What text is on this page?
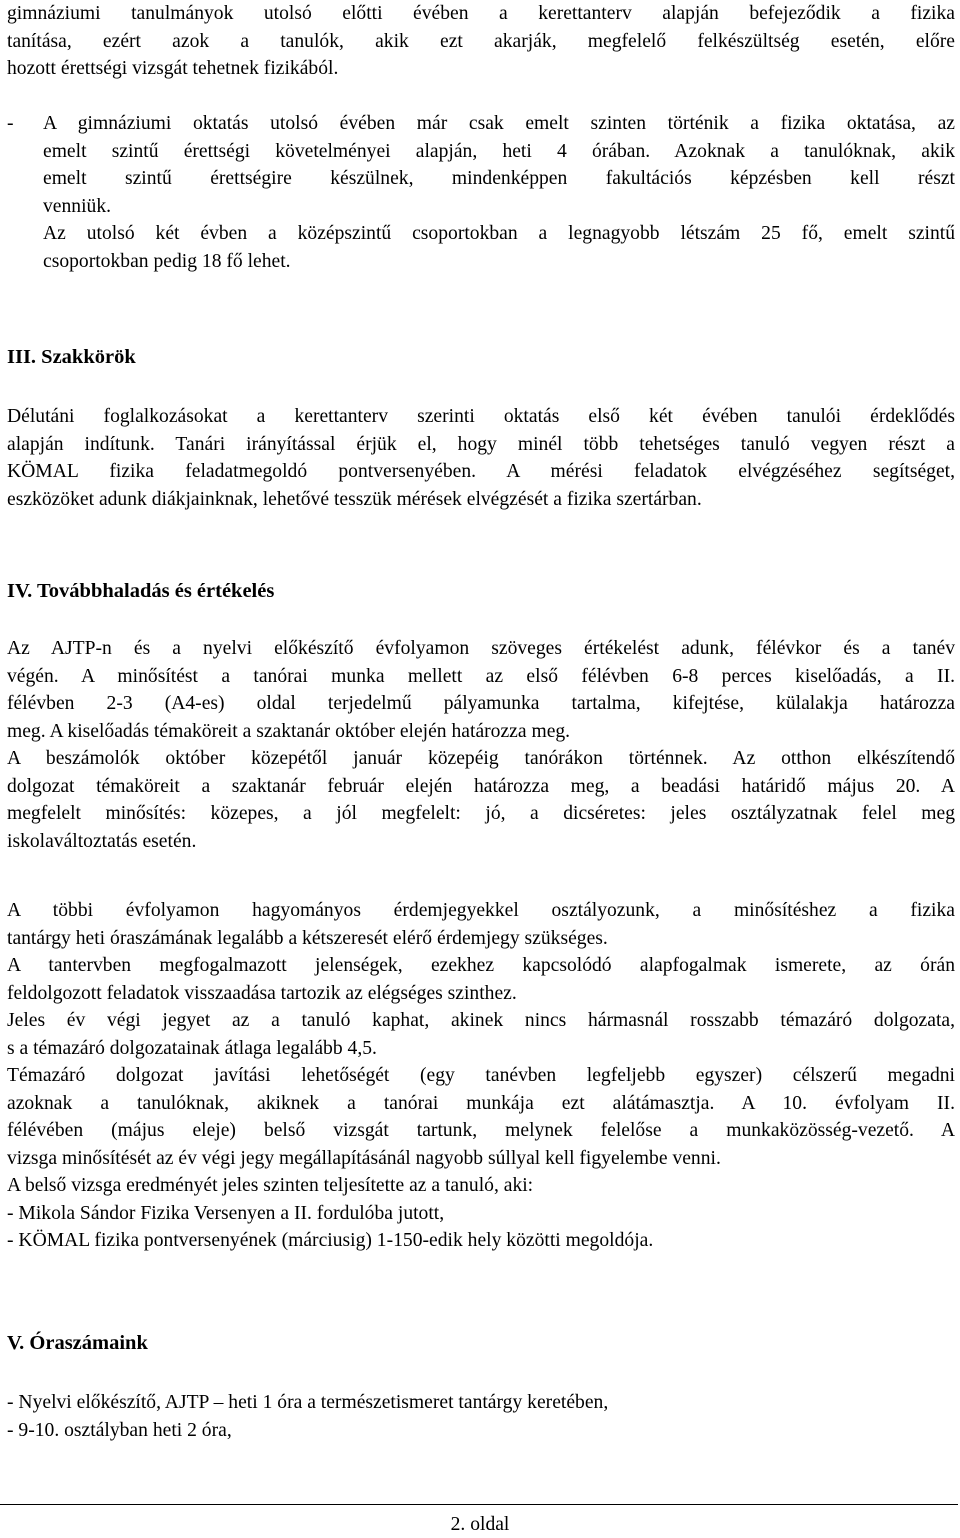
gimnáziumi tanulmányok utolsó előtti évében a kerettanterv alapján befejeződik a fizika
tanítása, ezért azok a tanulók, akik ezt akarják, megfelelő felkészültség esetén, előre
hozott érettségi vizsgát tehetnek fizikából.
- A gimnáziumi oktatás utolsó évében már csak emelt szinten történik a fizika oktatása, az
emelt szintű érettségi követelményei alapján, heti 4 órában. Azoknak a tanulóknak, akik
emelt szintű érettségire készülnek, mindenképpen fakultációs képzésben kell részt
venniük.
Az utolsó két évben a középszintű csoportokban a legnagyobb létszám 25 fő, emelt szintű
csoportokban pedig 18 fő lehet.
III. Szakkörök
Délutáni foglalkozásokat a kerettanterv szerinti oktatás első két évében tanulói érdeklődés
alapján indítunk. Tanári irányítással érjük el, hogy minél több tehetséges tanuló vegyen részt a
KÖMAL fizika feladatmegoldó pontversenyében. A mérési feladatok elvégzéséhez segítséget,
eszközöket adunk diákjainknak, lehetővé tesszük mérések elvégzését a fizika szertárban.
IV. Továbbhaladás és értékelés
Az AJTP-n és a nyelvi előkészítő évfolyamon szöveges értékelést adunk, félévkor és a tanév
végén. A minősítést a tanórai munka mellett az első félévben 6-8 perces kiselőadás, a II.
félévben 2-3 (A4-es) oldal terjedelmű pályamunka tartalma, kifejtése, külalakja határozza
meg. A kiselőadás témaköreit a szaktanár október elején határozza meg.
A beszámolók október közepétől január közepéig tanórákon történnek. Az otthon elkészítendő
dolgozat témaköreit a szaktanár február elején határozza meg, a beadási határidő május 20. A
megfelelt minősítés: közepes, a jól megfelelt: jó, a dicséretes: jeles osztályzatnak felel meg
iskolaváltoztatás esetén.
A többi évfolyamon hagyományos érdemjegyekkel osztályozunk, a minősítéshez a fizika
tantárgy heti óraszámának legalább a kétszeresét elérő érdemjegy szükséges.
A tantervben megfogalmazott jelenségek, ezekhez kapcsolódó alapfogalmak ismerete, az órán
feldolgozott feladatok visszaadása tartozik az elégséges szinthez.
Jeles év végi jegyet az a tanuló kaphat, akinek nincs hármasnál rosszabb témazáró dolgozata,
s a témazáró dolgozatainak átlaga legalább 4,5.
Témazáró dolgozat javítási lehetőségét (egy tanévben legfeljebb egyszer) célszerű megadni
azoknak a tanulóknak, akiknek a tanórai munkája ezt alátámasztja. A 10. évfolyam II.
félévében (május eleje) belső vizsgát tartunk, melynek felelőse a munkaközösség-vezető. A
vizsga minősítését az év végi jegy megállapításánál nagyobb súllyal kell figyelembe venni.
A belső vizsga eredményét jeles szinten teljesítette az a tanuló, aki:
- Mikola Sándor Fizika Versenyen a II. fordulóba jutott,
- KÖMAL fizika pontversenyének (márciusig) 1-150-edik hely közötti megoldója.
V. Óraszámaink
- Nyelvi előkészítő, AJTP – heti 1 óra a természetismeret tantárgy keretében,
- 9-10. osztályban heti 2 óra,
2. oldal
